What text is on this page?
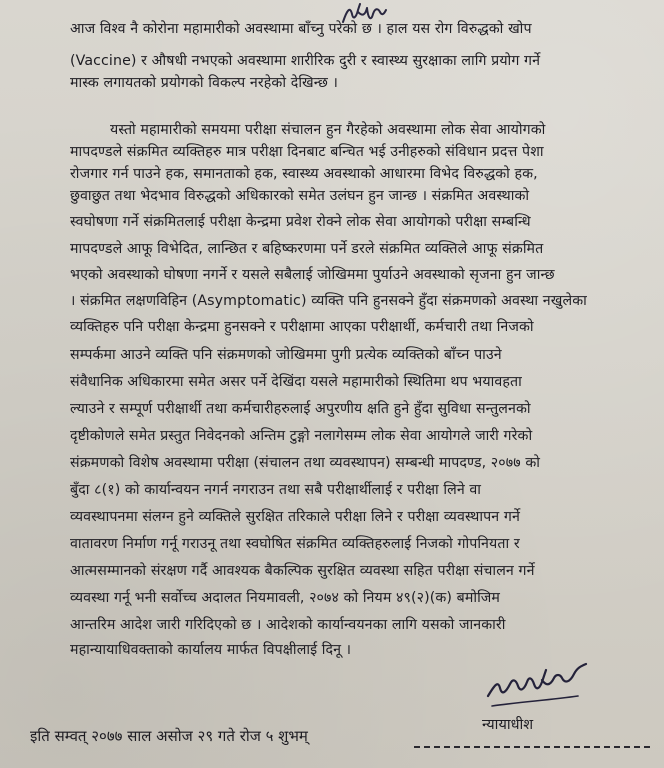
आज विश्व नै कोरोना महामारीको अवस्थामा बाँच्नु परेको छ । हाल यस रोग विरुद्धको खोप

(Vaccine) र औषधी नभएको अवस्थामा शारीरिक दुरी र स्वास्थ्य सुरक्षाका लागि प्रयोग गर्ने

मास्क लगायतको प्रयोगको विकल्प नरहेको देखिन्छ ।

यस्तो महामारीको समयमा परीक्षा संचालन हुन गैरहेको अवस्थामा लोक सेवा आयोगको

मापदण्डले संक्रमित व्यक्तिहरु मात्र परीक्षा दिनबाट बन्चित भई उनीहरुको संविधान प्रदत्त पेशा

रोजगार गर्न पाउने हक, समानताको हक, स्वास्थ्य अवस्थाको आधारमा विभेद विरुद्धको हक,

छुवाछुत तथा भेदभाव विरुद्धको अधिकारको समेत उलंघन हुन जान्छ । संक्रमित अवस्थाको

स्वघोषणा गर्ने संक्रमितलाई परीक्षा केन्द्रमा प्रवेश रोक्ने लोक सेवा आयोगको परीक्षा सम्बन्धि

मापदण्डले आफू विभेदित, लान्छित र बहिष्करणमा पर्ने डरले संक्रमित व्यक्तिले आफू संक्रमित

भएको अवस्थाको घोषणा नगर्ने र यसले सबैलाई जोखिममा पुर्याउने अवस्थाको सृजना हुन जान्छ

। संक्रमित लक्षणविहिन (Asymptomatic) व्यक्ति पनि हुनसक्ने हुँदा संक्रमणको अवस्था नखुलेका

व्यक्तिहरु पनि परीक्षा केन्द्रमा हुनसक्ने र परीक्षामा आएका परीक्षार्थी, कर्मचारी तथा निजको

सम्पर्कमा आउने व्यक्ति पनि संक्रमणको जोखिममा पुगी प्रत्येक व्यक्तिको बाँच्न पाउने

संवैधानिक अधिकारमा समेत असर पर्ने देखिंदा यसले महामारीको स्थितिमा थप भयावहता

ल्याउने र सम्पूर्ण परीक्षार्थी तथा कर्मचारीहरुलाई अपुरणीय क्षति हुने हुँदा सुविधा सन्तुलनको

दृष्टीकोणले समेत प्रस्तुत निवेदनको अन्तिम टुङ्गो नलागेसम्म लोक सेवा आयोगले जारी गरेको

संक्रमणको विशेष अवस्थामा परीक्षा (संचालन तथा व्यवस्थापन) सम्बन्धी मापदण्ड, २०७७ को

बुँदा ८(१) को कार्यान्वयन नगर्न नगराउन तथा सबै परीक्षार्थीलाई र परीक्षा लिने वा

व्यवस्थापनमा संलग्न हुने व्यक्तिले सुरक्षित तरिकाले परीक्षा लिने र परीक्षा व्यवस्थापन गर्ने

वातावरण निर्माण गर्नू गराउनू तथा स्वघोषित संक्रमित व्यक्तिहरुलाई निजको गोपनियता र

आत्मसम्मानको संरक्षण गर्दै आवश्यक बैकल्पिक सुरक्षित व्यवस्था सहित परीक्षा संचालन गर्ने

व्यवस्था गर्नू भनी सर्वोच्च अदालत नियमावली, २०७४ को नियम ४९(२)(क) बमोजिम

आन्तरिम आदेश जारी गरिदिएको छ । आदेशको कार्यान्वयनका लागि यसको जानकारी

महान्यायाधिवक्ताको कार्यालय मार्फत विपक्षीलाई दिनू ।

न्यायाधीश
इति सम्वत् २०७७ साल असोज २९ गते रोज ५ शुभम्
